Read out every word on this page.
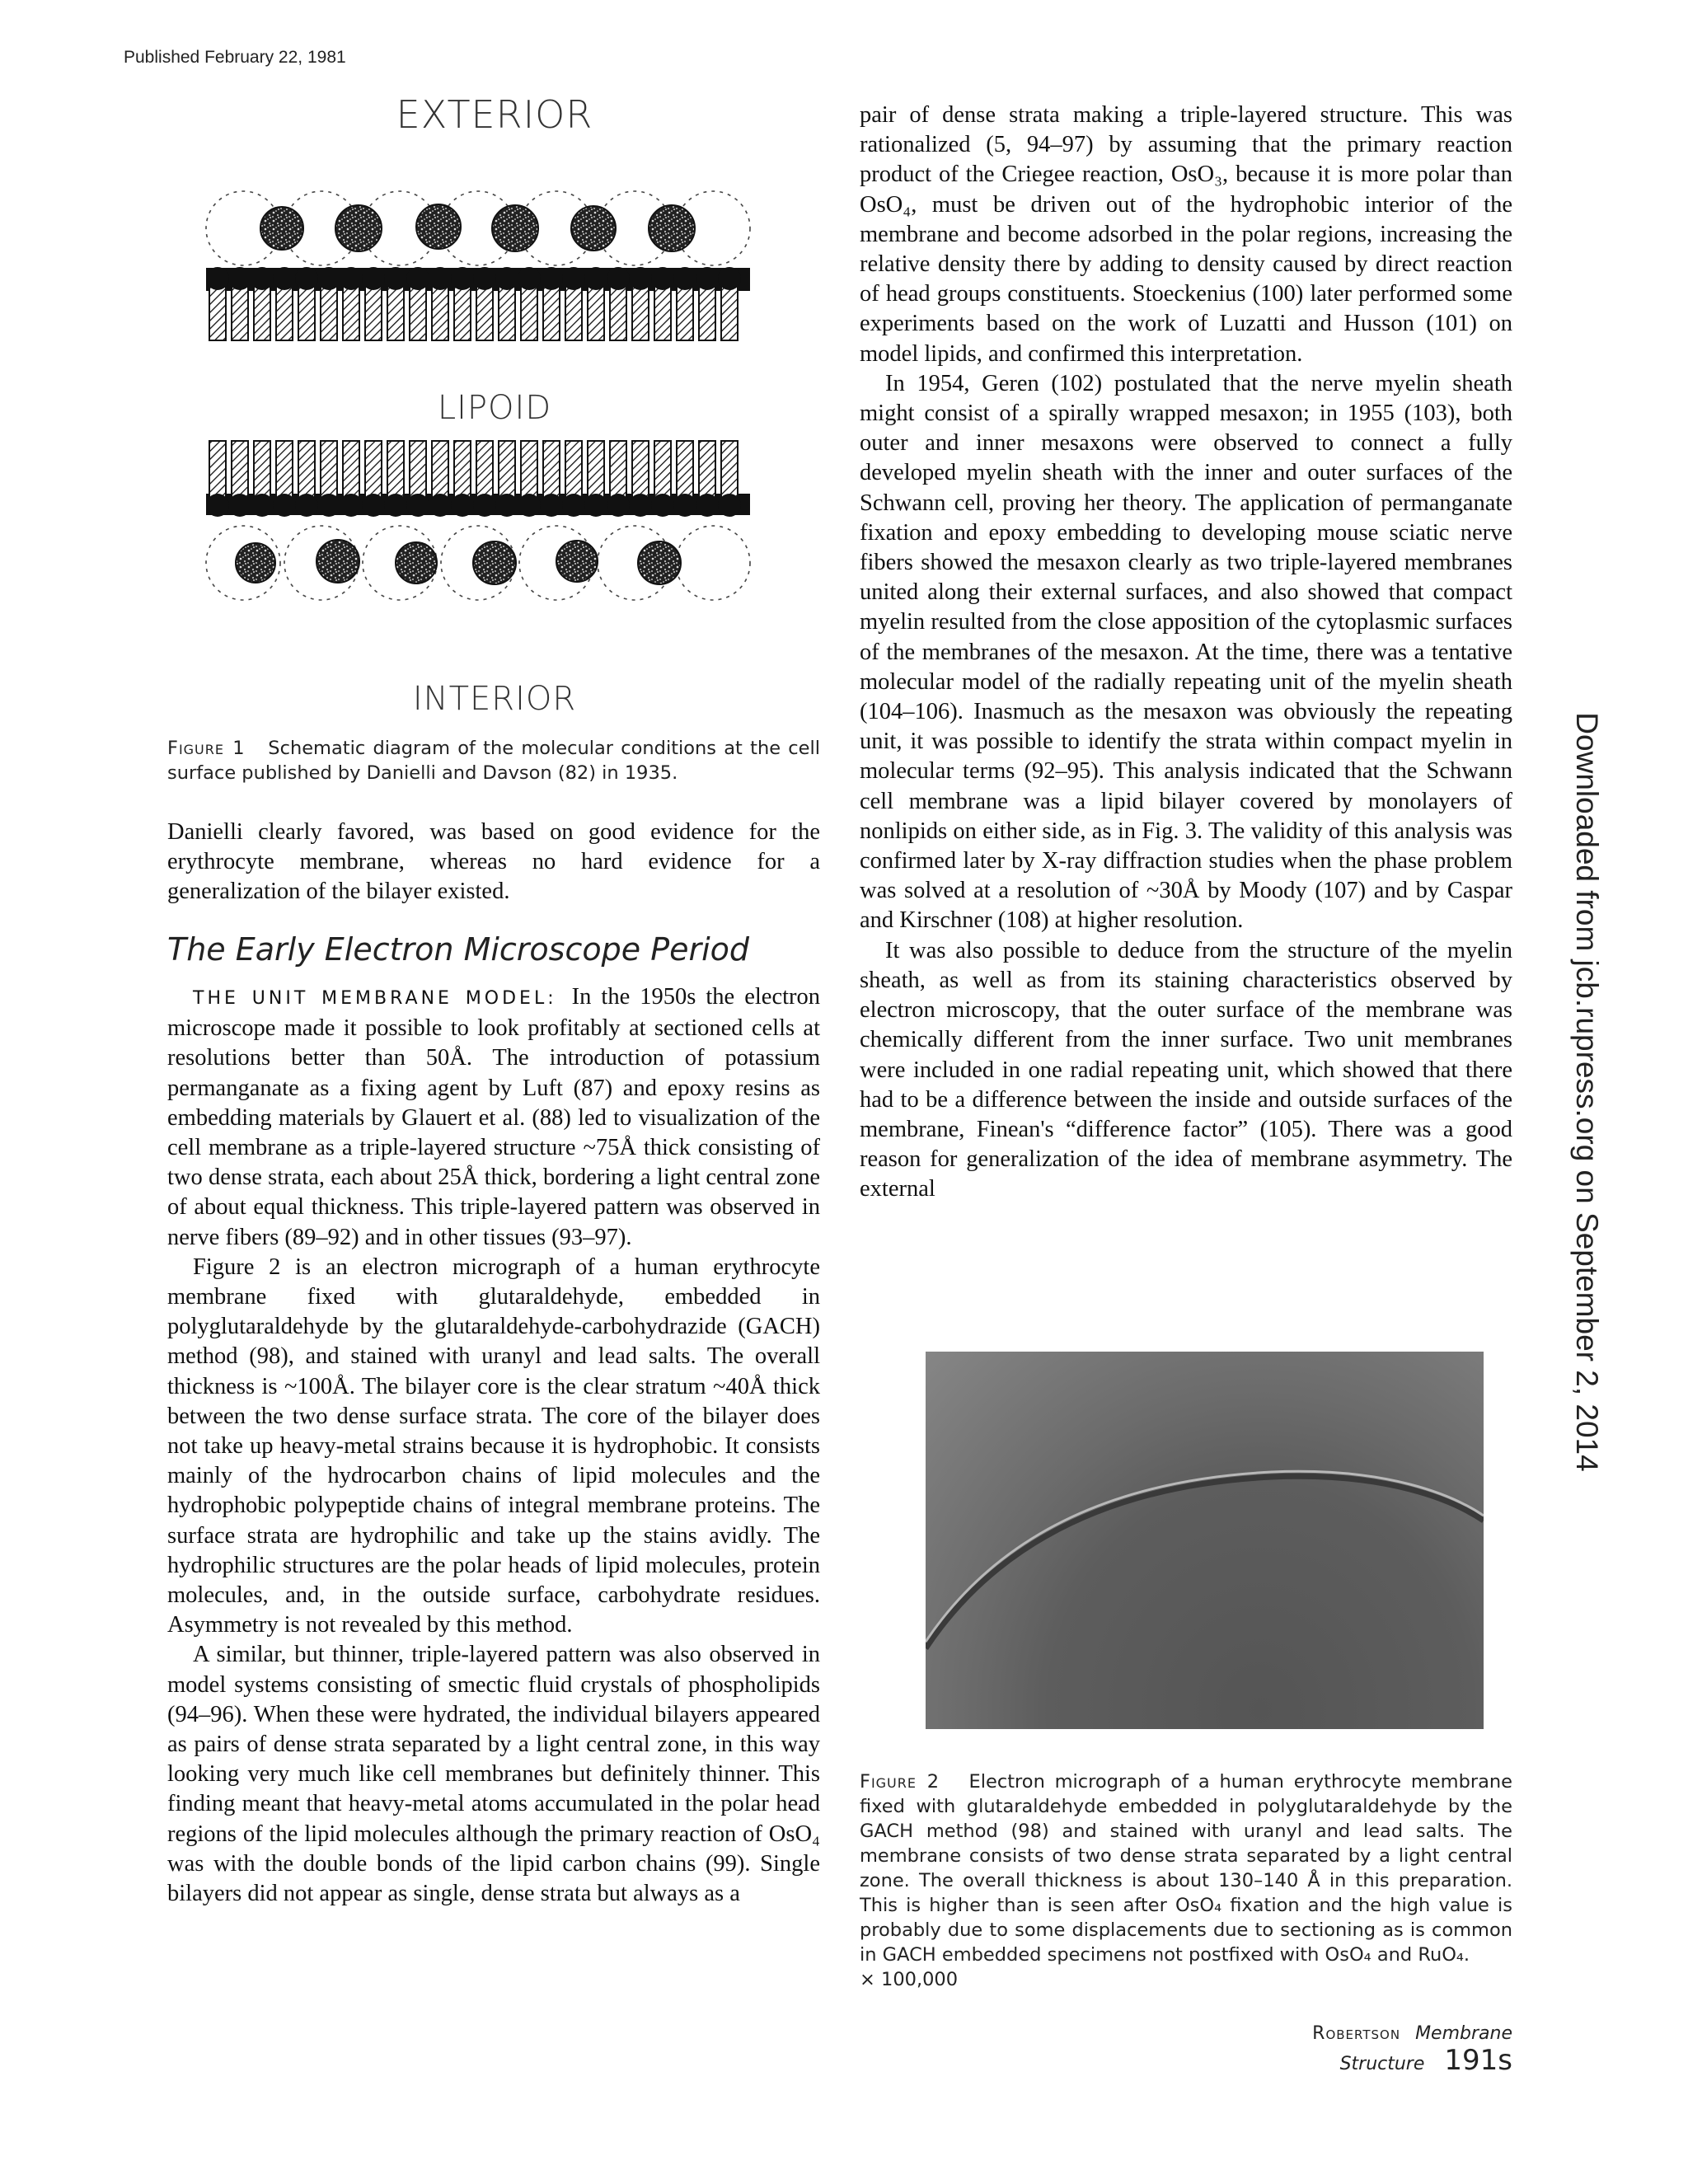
Published February 22, 1981
Downloaded from jcb.rupress.org on September 2, 2014
EXTERIOR
LIPOID
INTERIOR
Figure 1 Schematic diagram of the molecular conditions at the cell surface published by Danielli and Davson (82) in 1935.

Danielli clearly favored, was based on good evidence for the erythrocyte membrane, whereas no hard evidence for a generalization of the bilayer existed.

The Early Electron Microscope Period

THE UNIT MEMBRANE MODEL: In the 1950s the electron microscope made it possible to look profitably at sectioned cells at resolutions better than 50Å. The introduction of potassium permanganate as a fixing agent by Luft (87) and epoxy resins as embedding materials by Glauert et al. (88) led to visualization of the cell membrane as a triple-layered structure ~75Å thick consisting of two dense strata, each about 25Å thick, bordering a light central zone of about equal thickness. This triple-layered pattern was observed in nerve fibers (89–92) and in other tissues (93–97).

Figure 2 is an electron micrograph of a human erythrocyte membrane fixed with glutaraldehyde, embedded in polyglutaraldehyde by the glutaraldehyde-carbohydrazide (GACH) method (98), and stained with uranyl and lead salts. The overall thickness is ~100Å. The bilayer core is the clear stratum ~40Å thick between the two dense surface strata. The core of the bilayer does not take up heavy-metal strains because it is hydrophobic. It consists mainly of the hydrocarbon chains of lipid molecules and the hydrophobic polypeptide chains of integral membrane proteins. The surface strata are hydrophilic and take up the stains avidly. The hydrophilic structures are the polar heads of lipid molecules, protein molecules, and, in the outside surface, carbohydrate residues. Asymmetry is not revealed by this method.

A similar, but thinner, triple-layered pattern was also observed in model systems consisting of smectic fluid crystals of phospholipids (94–96). When these were hydrated, the individual bilayers appeared as pairs of dense strata separated by a light central zone, in this way looking very much like cell membranes but definitely thinner. This finding meant that heavy-metal atoms accumulated in the polar head regions of the lipid molecules although the primary reaction of OsO₄ was with the double bonds of the lipid carbon chains (99). Single bilayers did not appear as single, dense strata but always as a

pair of dense strata making a triple-layered structure. This was rationalized (5, 94–97) by assuming that the primary reaction product of the Criegee reaction, OsO₃, because it is more polar than OsO₄, must be driven out of the hydrophobic interior of the membrane and become adsorbed in the polar regions, increasing the relative density there by adding to density caused by direct reaction of head groups constituents. Stoeckenius (100) later performed some experiments based on the work of Luzatti and Husson (101) on model lipids, and confirmed this interpretation.

In 1954, Geren (102) postulated that the nerve myelin sheath might consist of a spirally wrapped mesaxon; in 1955 (103), both outer and inner mesaxons were observed to connect a fully developed myelin sheath with the inner and outer surfaces of the Schwann cell, proving her theory. The application of permanganate fixation and epoxy embedding to developing mouse sciatic nerve fibers showed the mesaxon clearly as two triple-layered membranes united along their external surfaces, and also showed that compact myelin resulted from the close apposition of the cytoplasmic surfaces of the membranes of the mesaxon. At the time, there was a tentative molecular model of the radially repeating unit of the myelin sheath (104–106). Inasmuch as the mesaxon was obviously the repeating unit, it was possible to identify the strata within compact myelin in molecular terms (92–95). This analysis indicated that the Schwann cell membrane was a lipid bilayer covered by monolayers of nonlipids on either side, as in Fig. 3. The validity of this analysis was confirmed later by X-ray diffraction studies when the phase problem was solved at a resolution of ~30Å by Moody (107) and by Caspar and Kirschner (108) at higher resolution.

It was also possible to deduce from the structure of the myelin sheath, as well as from its staining characteristics observed by electron microscopy, that the outer surface of the membrane was chemically different from the inner surface. Two unit membranes were included in one radial repeating unit, which showed that there had to be a difference between the inside and outside surfaces of the membrane, Finean's “difference factor” (105). There was a good reason for generalization of the idea of membrane asymmetry. The external

Figure 2 Electron micrograph of a human erythrocyte membrane fixed with glutaraldehyde embedded in polyglutaraldehyde by the GACH method (98) and stained with uranyl and lead salts. The membrane consists of two dense strata separated by a light central zone. The overall thickness is about 130–140 Å in this preparation. This is higher than is seen after OsO₄ fixation and the high value is probably due to some displacements due to sectioning as is common in GACH embedded specimens not postfixed with OsO₄ and RuO₄.
× 100,000
Robertson Membrane Structure 191s
